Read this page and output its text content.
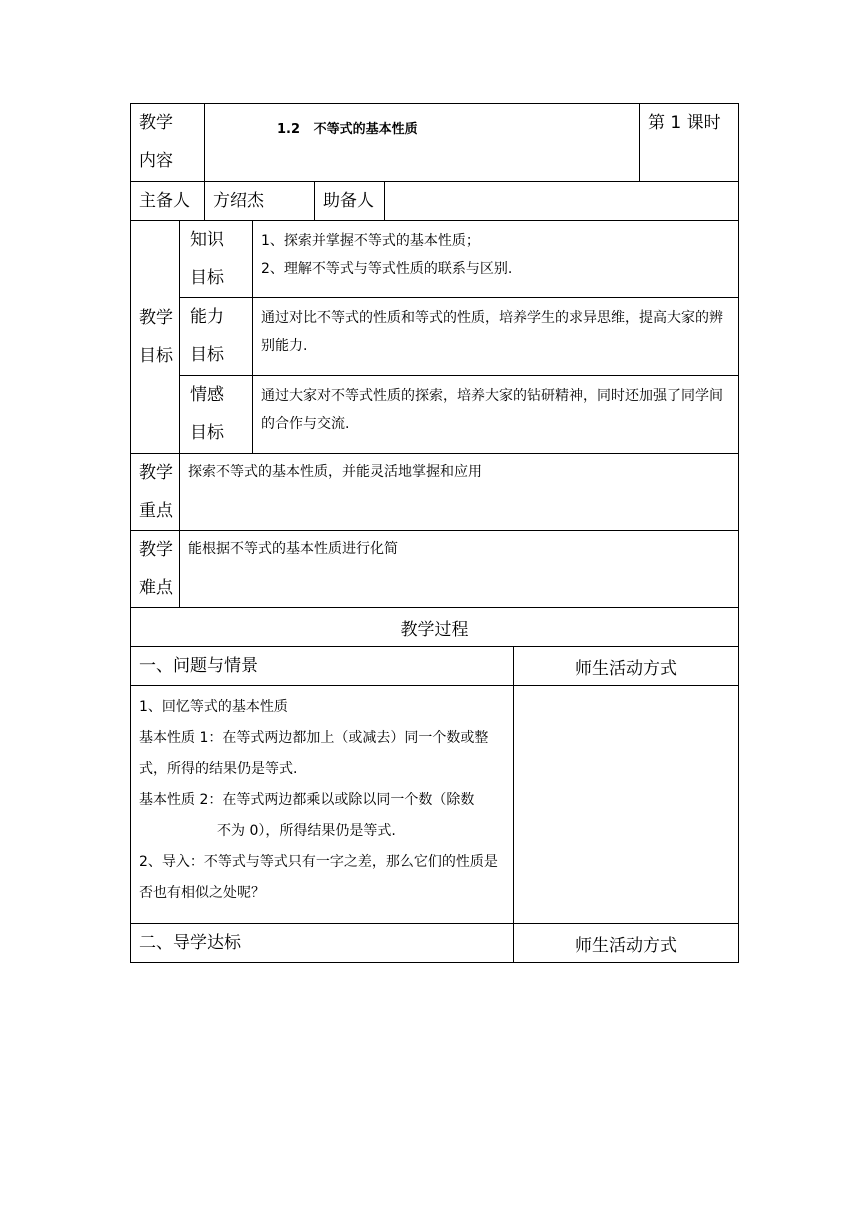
教学内容		1.2 不等式的基本性质					第 1 课时
主备人		方绍杰		助备人			

教学目标	知识目标		1、探索并掌握不等式的基本性质；
2、理解不等式与等式性质的联系与区别.				

	能力目标		通过对比不等式的性质和等式的性质，培养学生的求异思维，提高大家的辨别能力.				

	情感目标		通过大家对不等式性质的探索，培养大家的钻研精神，同时还加强了同学间的合作与交流.				

教学重点	探索不等式的基本性质，并能灵活地掌握和应用						

教学难点	能根据不等式的基本性质进行化简						
教学过程							
一、问题与情景						师生活动方式	

1、回忆等式的基本性质
基本性质 1：在等式两边都加上（或减去）同一个数或整式，所得的结果仍是等式.
基本性质 2：在等式两边都乘以或除以同一个数（除数
不为 0），所得结果仍是等式.
2、导入：不等式与等式只有一字之差，那么它们的性质是否也有相似之处呢？							

二、导学达标						师生活动方式	
